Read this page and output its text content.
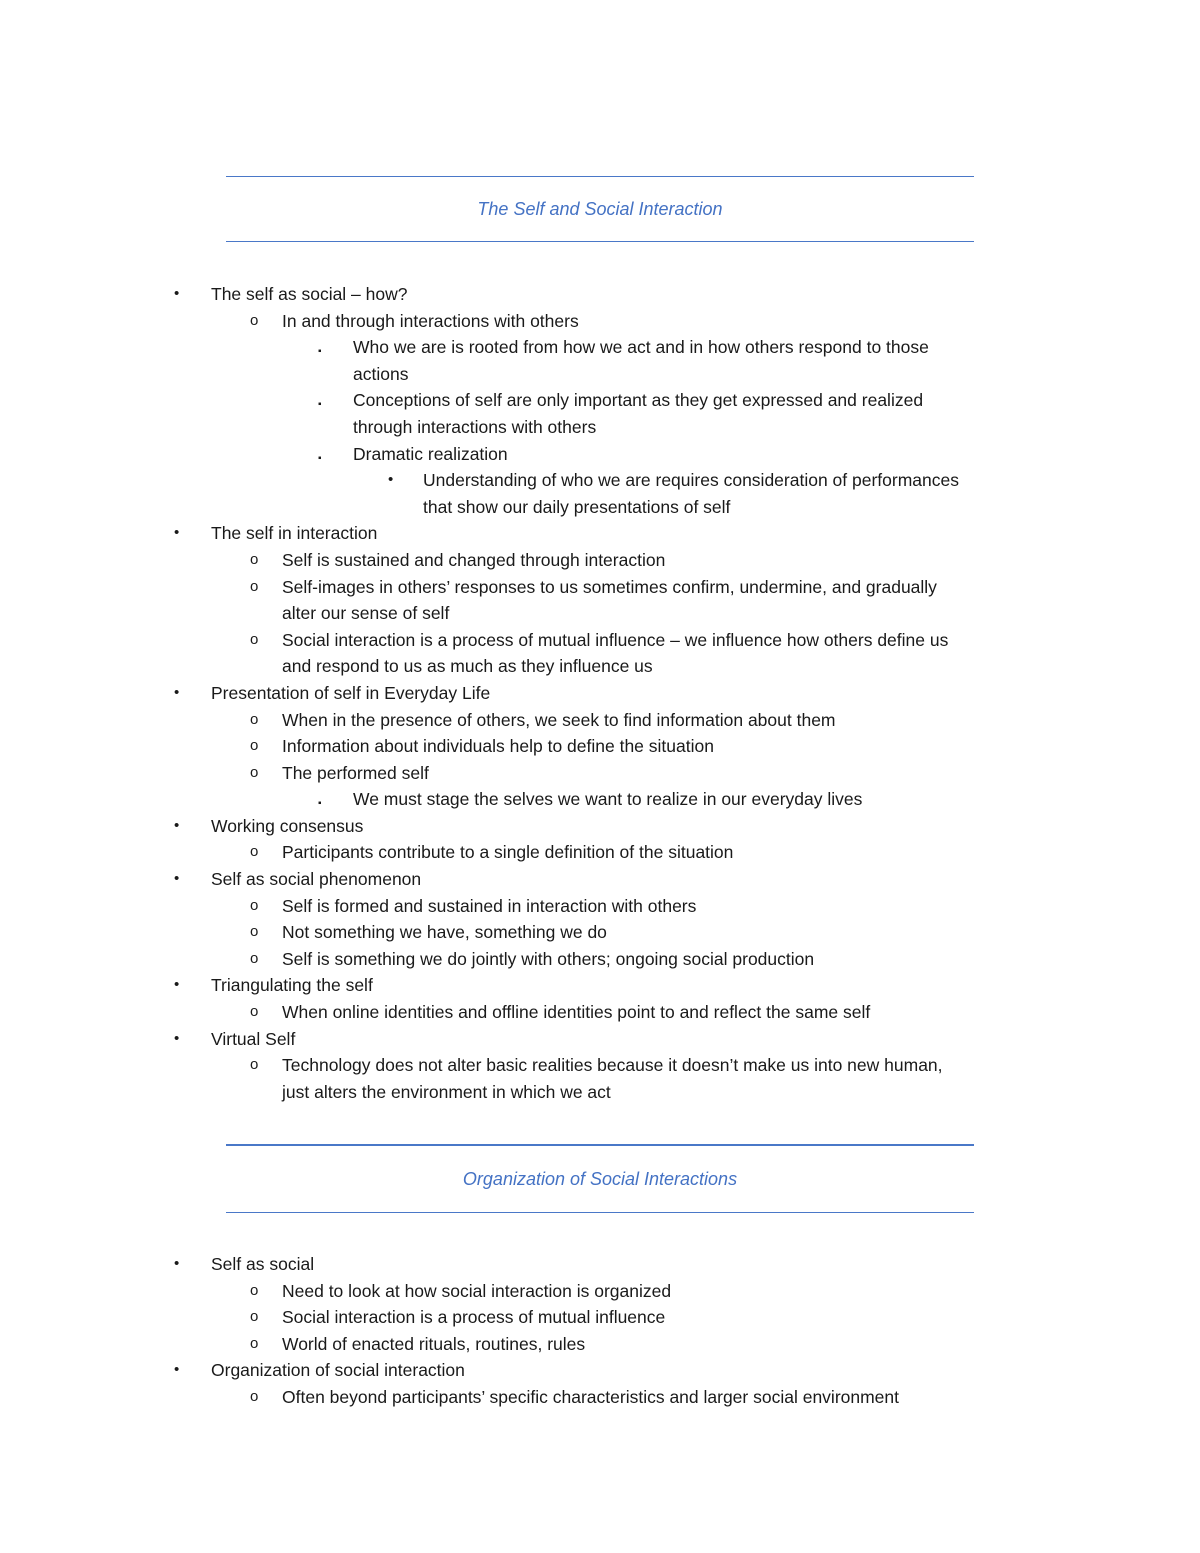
The Self and Social Interaction
• The self as social – how?
o In and through interactions with others
▪ Who we are is rooted from how we act and in how others respond to those
actions
▪ Conceptions of self are only important as they get expressed and realized
through interactions with others
▪ Dramatic realization
• Understanding of who we are requires consideration of performances
that show our daily presentations of self
• The self in interaction
o Self is sustained and changed through interaction
o Self-images in others’ responses to us sometimes confirm, undermine, and gradually
alter our sense of self
o Social interaction is a process of mutual influence – we influence how others define us
and respond to us as much as they influence us
• Presentation of self in Everyday Life
o When in the presence of others, we seek to find information about them
o Information about individuals help to define the situation
o The performed self
▪ We must stage the selves we want to realize in our everyday lives
• Working consensus
o Participants contribute to a single definition of the situation
• Self as social phenomenon
o Self is formed and sustained in interaction with others
o Not something we have, something we do
o Self is something we do jointly with others; ongoing social production
• Triangulating the self
o When online identities and offline identities point to and reflect the same self
• Virtual Self
o Technology does not alter basic realities because it doesn’t make us into new human,
just alters the environment in which we act
Organization of Social Interactions
• Self as social
o Need to look at how social interaction is organized
o Social interaction is a process of mutual influence
o World of enacted rituals, routines, rules
• Organization of social interaction
o Often beyond participants’ specific characteristics and larger social environment
